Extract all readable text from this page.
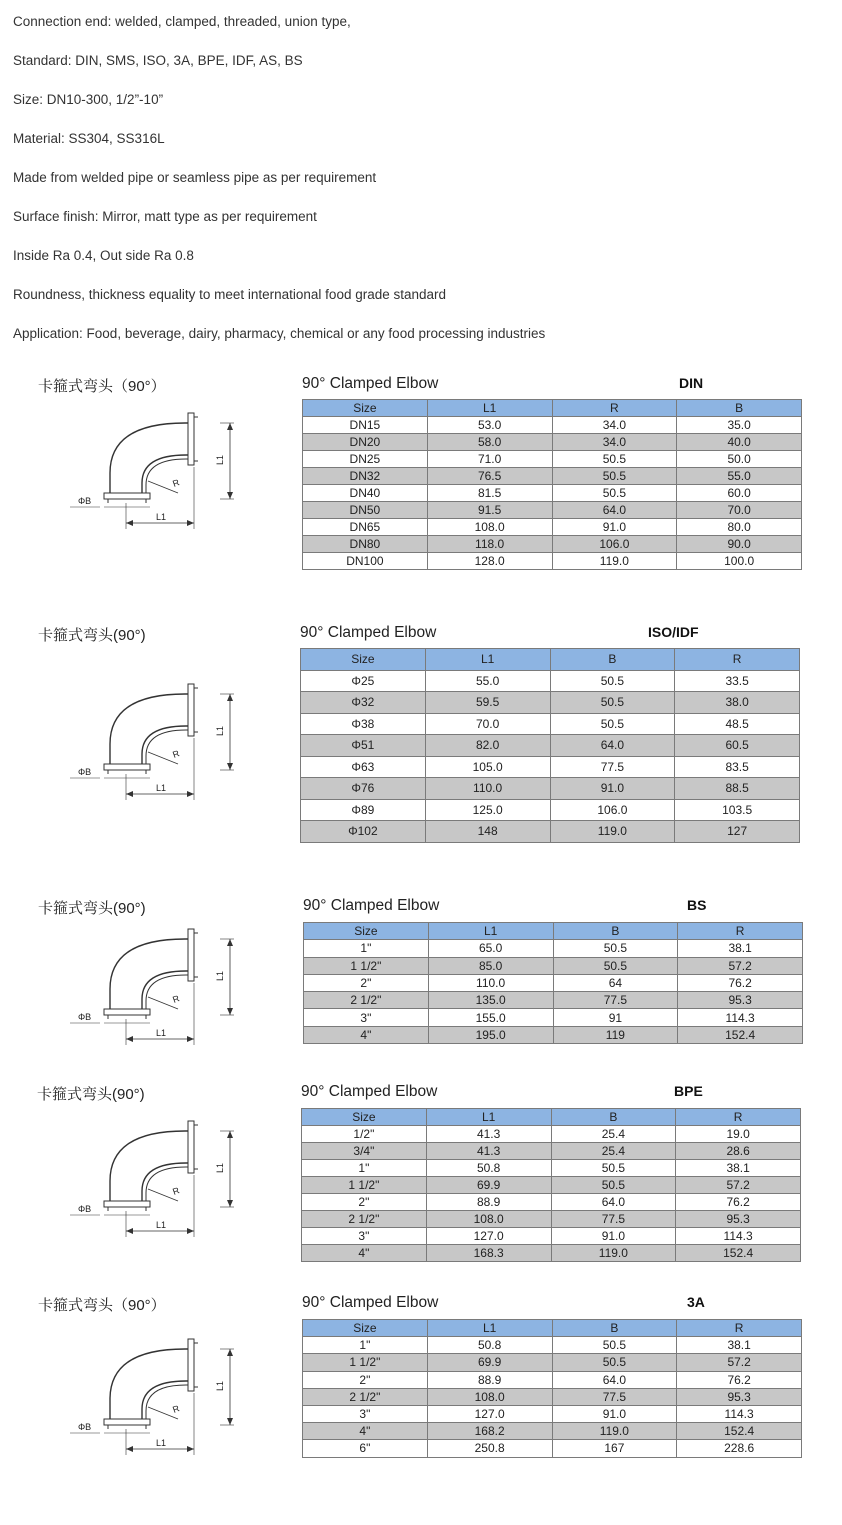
Connection end: welded, clamped, threaded, union type,

Standard: DIN, SMS, ISO, 3A, BPE, IDF, AS, BS

Size: DN10-300, 1/2”-10”

Material: SS304, SS316L

Made from welded pipe or seamless pipe as per requirement

Surface finish: Mirror, matt type as per requirement

Inside Ra 0.4, Out side Ra 0.8

Roundness, thickness equality to meet international food grade standard

Application: Food, beverage, dairy, pharmacy, chemical or any food processing industries

卡箍式弯头（90°）
ΦB
L1
R
L1
90° Clamped Elbow	DIN
Size	L1	R	B
DN15	53.0	34.0	35.0
DN20	58.0	34.0	40.0
DN25	71.0	50.5	50.0
DN32	76.5	50.5	55.0
DN40	81.5	50.5	60.0
DN50	91.5	64.0	70.0
DN65	108.0	91.0	80.0
DN80	118.0	106.0	90.0
DN100	128.0	119.0	100.0
卡箍式弯头(90°)
ΦB
L1
R
L1
90° Clamped Elbow	ISO/IDF
Size	L1	B	R
Φ25	55.0	50.5	33.5
Φ32	59.5	50.5	38.0
Φ38	70.0	50.5	48.5
Φ51	82.0	64.0	60.5
Φ63	105.0	77.5	83.5
Φ76	110.0	91.0	88.5
Φ89	125.0	106.0	103.5
Φ102	148	119.0	127
卡箍式弯头(90°)
ΦB
L1
R
L1
90° Clamped Elbow	BS
Size	L1	B	R
1"	65.0	50.5	38.1
1 1/2"	85.0	50.5	57.2
2"	110.0	64	76.2
2 1/2"	135.0	77.5	95.3
3"	155.0	91	114.3
4"	195.0	119	152.4
卡箍式弯头(90°)
ΦB
L1
R
L1
90° Clamped Elbow	BPE
Size	L1	B	R
1/2"	41.3	25.4	19.0
3/4"	41.3	25.4	28.6
1"	50.8	50.5	38.1
1 1/2"	69.9	50.5	57.2
2"	88.9	64.0	76.2
2 1/2"	108.0	77.5	95.3
3"	127.0	91.0	114.3
4"	168.3	119.0	152.4
卡箍式弯头（90°）
ΦB
L1
R
L1
90° Clamped Elbow	3A
Size	L1	B	R
1"	50.8	50.5	38.1
1 1/2"	69.9	50.5	57.2
2"	88.9	64.0	76.2
2 1/2"	108.0	77.5	95.3
3"	127.0	91.0	114.3
4"	168.2	119.0	152.4
6"	250.8	167	228.6
